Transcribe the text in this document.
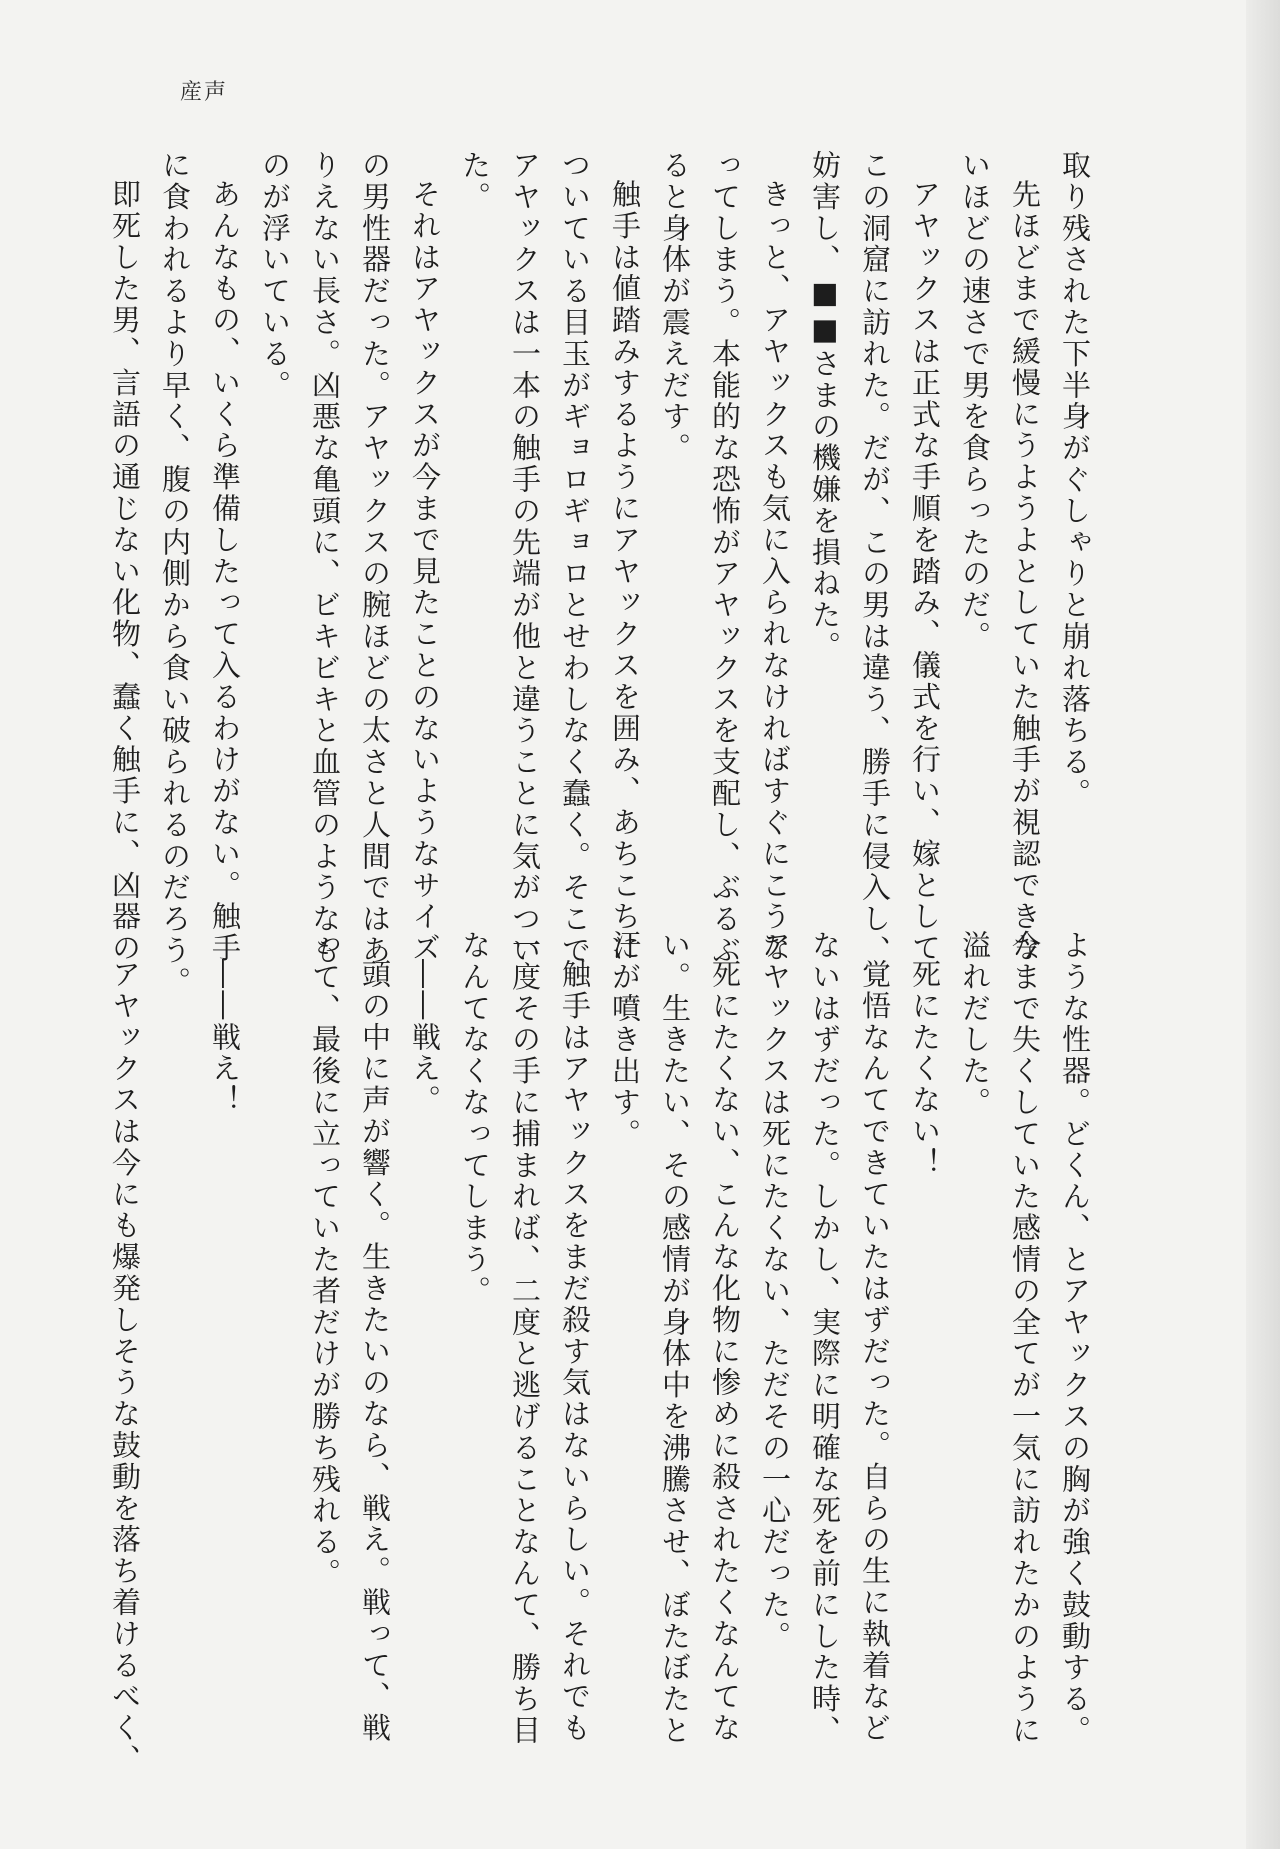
産声
取り残された下半身がぐしゃりと崩れ落ちる。
先ほどまで緩慢にうようよとしていた触手が視認できな
いほどの速さで男を食らったのだ。
アヤックスは正式な手順を踏み、儀式を行い、嫁として
この洞窟に訪れた。だが、この男は違う、勝手に侵入し、
妨害し、■■さまの機嫌を損ねた。
きっと、アヤックスも気に入られなければすぐにこうな
ってしまう。本能的な恐怖がアヤックスを支配し、ぶるぶ
ると身体が震えだす。
触手は値踏みするようにアヤックスを囲み、あちこちに
ついている目玉がギョロギョロとせわしなく蠢く。そこで
アヤックスは一本の触手の先端が他と違うことに気がつい
た。
それはアヤックスが今まで見たことのないようなサイズ
の男性器だった。アヤックスの腕ほどの太さと人間ではあ
りえない長さ。凶悪な亀頭に、ビキビキと血管のようなも
のが浮いている。
あんなもの、いくら準備したって入るわけがない。触手
に食われるより早く、腹の内側から食い破られるのだろう。
即死した男、言語の通じない化物、蠢く触手に、凶器の
ような性器。どくん、とアヤックスの胸が強く鼓動する。
今まで失くしていた感情の全てが一気に訪れたかのように
溢れだした。
死にたくない！
覚悟なんてできていたはずだった。自らの生に執着など
ないはずだった。しかし、実際に明確な死を前にした時、
アヤックスは死にたくない、ただその一心だった。
死にたくない、こんな化物に惨めに殺されたくなんてな
い。生きたい、その感情が身体中を沸騰させ、ぼたぼたと
汗が噴き出す。
触手はアヤックスをまだ殺す気はないらしい。それでも
一度その手に捕まれば、二度と逃げることなんて、勝ち目
なんてなくなってしまう。
――戦え。
頭の中に声が響く。生きたいのなら、戦え。戦って、戦
って、最後に立っていた者だけが勝ち残れる。

――戦え！

アヤックスは今にも爆発しそうな鼓動を落ち着けるべく、
